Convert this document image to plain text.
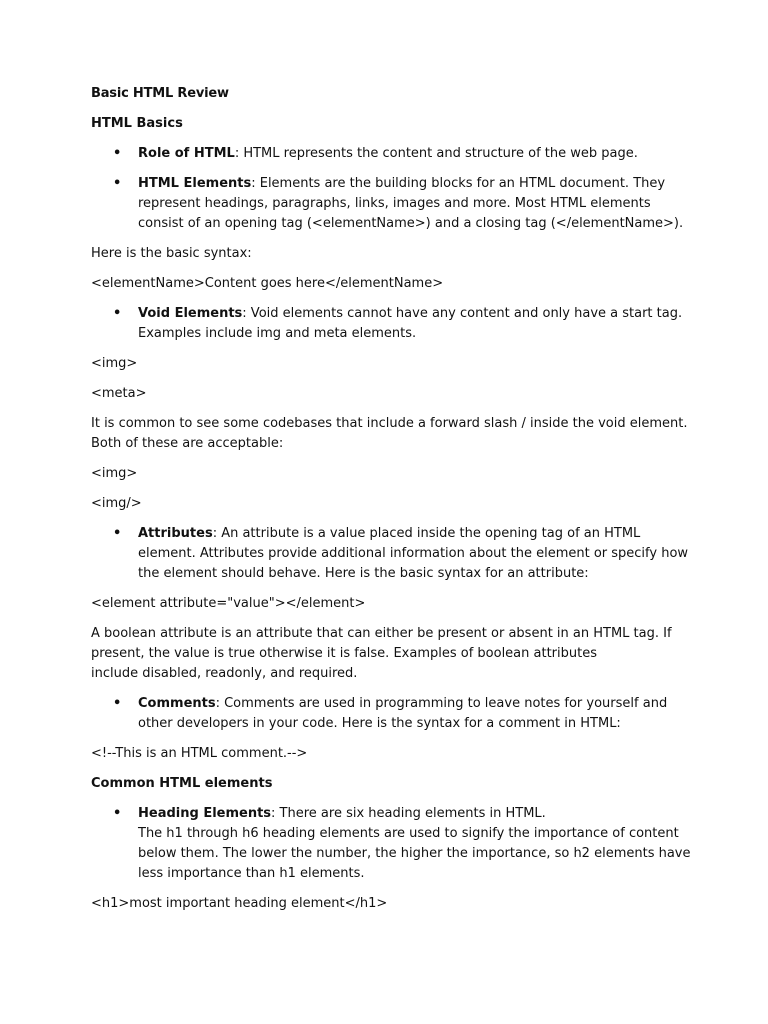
Basic HTML Review
HTML Basics
• Role of HTML: HTML represents the content and structure of the web page.
• HTML Elements: Elements are the building blocks for an HTML document. They represent headings, paragraphs, links, images and more. Most HTML elements consist of an opening tag (<elementName>) and a closing tag (</elementName>).
Here is the basic syntax:
<elementName>Content goes here</elementName>
• Void Elements: Void elements cannot have any content and only have a start tag. Examples include img and meta elements.
<img>
<meta>
It is common to see some codebases that include a forward slash / inside the void element. Both of these are acceptable:
<img>
<img/>
• Attributes: An attribute is a value placed inside the opening tag of an HTML element. Attributes provide additional information about the element or specify how the element should behave. Here is the basic syntax for an attribute:
<element attribute="value"></element>
A boolean attribute is an attribute that can either be present or absent in an HTML tag. If present, the value is true otherwise it is false. Examples of boolean attributes
include disabled, readonly, and required.
• Comments: Comments are used in programming to leave notes for yourself and other developers in your code. Here is the syntax for a comment in HTML:
<!--This is an HTML comment.-->
Common HTML elements
• Heading Elements: There are six heading elements in HTML.
The h1 through h6 heading elements are used to signify the importance of content below them. The lower the number, the higher the importance, so h2 elements have less importance than h1 elements.
<h1>most important heading element</h1>
